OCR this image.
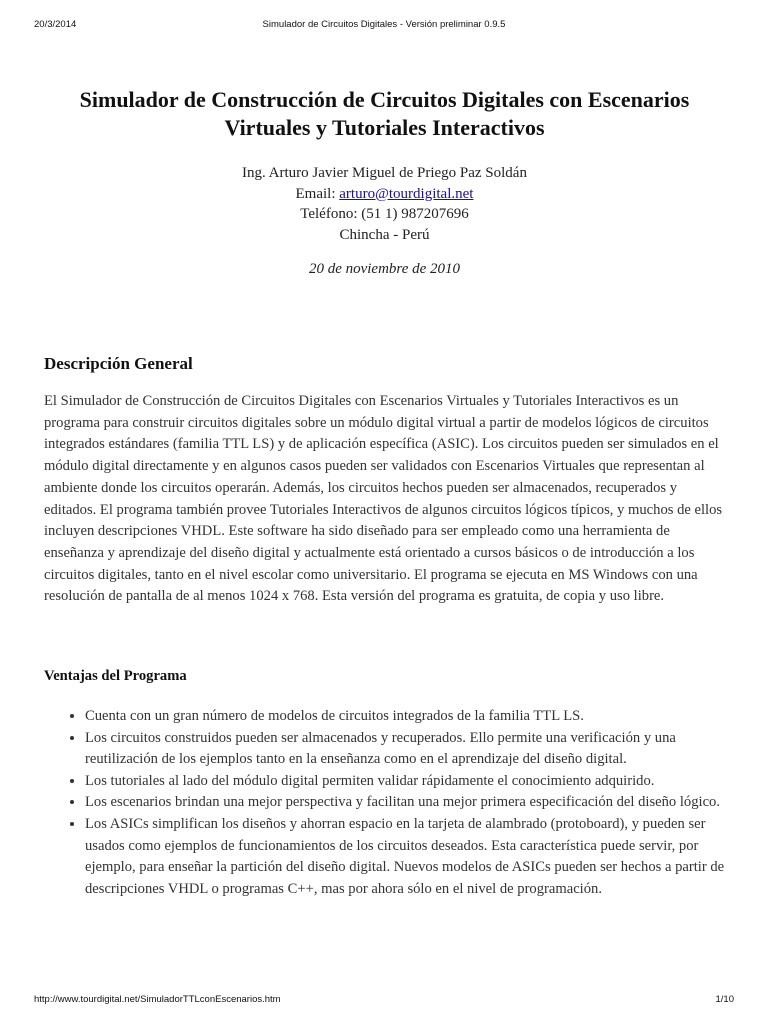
20/3/2014	Simulador de Circuitos Digitales - Versión preliminar 0.9.5
Simulador de Construcción de Circuitos Digitales con Escenarios Virtuales y Tutoriales Interactivos
Ing. Arturo Javier Miguel de Priego Paz Soldán
Email: arturo@tourdigital.net
Teléfono: (51 1) 987207696
Chincha - Perú
20 de noviembre de 2010
Descripción General

El Simulador de Construcción de Circuitos Digitales con Escenarios Virtuales y Tutoriales Interactivos es un programa para construir circuitos digitales sobre un módulo digital virtual a partir de modelos lógicos de circuitos integrados estándares (familia TTL LS) y de aplicación específica (ASIC). Los circuitos pueden ser simulados en el módulo digital directamente y en algunos casos pueden ser validados con Escenarios Virtuales que representan al ambiente donde los circuitos operarán. Además, los circuitos hechos pueden ser almacenados, recuperados y editados. El programa también provee Tutoriales Interactivos de algunos circuitos lógicos típicos, y muchos de ellos incluyen descripciones VHDL. Este software ha sido diseñado para ser empleado como una herramienta de enseñanza y aprendizaje del diseño digital y actualmente está orientado a cursos básicos o de introducción a los circuitos digitales, tanto en el nivel escolar como universitario. El programa se ejecuta en MS Windows con una resolución de pantalla de al menos 1024 x 768. Esta versión del programa es gratuita, de copia y uso libre.

Ventajas del Programa
• Cuenta con un gran número de modelos de circuitos integrados de la familia TTL LS.
• Los circuitos construidos pueden ser almacenados y recuperados. Ello permite una verificación y una reutilización de los ejemplos tanto en la enseñanza como en el aprendizaje del diseño digital.
• Los tutoriales al lado del módulo digital permiten validar rápidamente el conocimiento adquirido.
• Los escenarios brindan una mejor perspectiva y facilitan una mejor primera especificación del diseño lógico.
• Los ASICs simplifican los diseños y ahorran espacio en la tarjeta de alambrado (protoboard), y pueden ser usados como ejemplos de funcionamientos de los circuitos deseados. Esta característica puede servir, por ejemplo, para enseñar la partición del diseño digital. Nuevos modelos de ASICs pueden ser hechos a partir de descripciones VHDL o programas C++, mas por ahora sólo en el nivel de programación.
http://www.tourdigital.net/SimuladorTTLconEscenarios.htm	1/10
